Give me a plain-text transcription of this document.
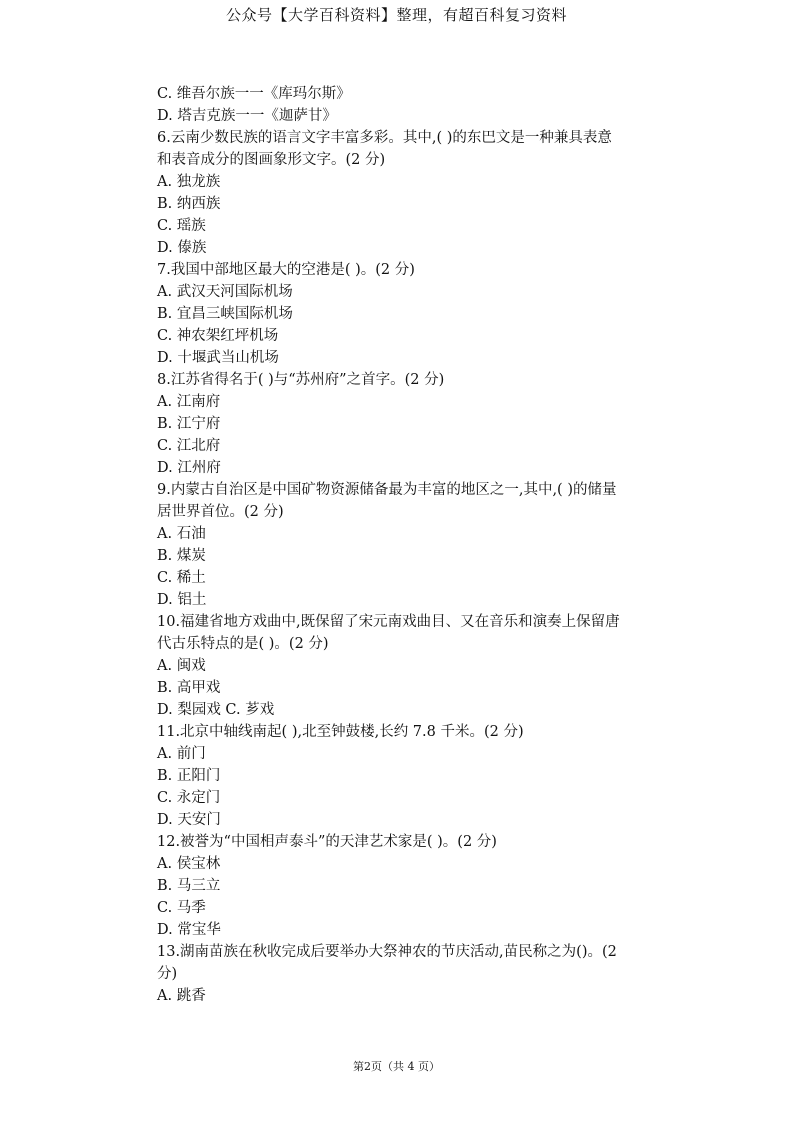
公众号【大学百科资料】整理，有超百科复习资料
C. 维吾尔族一一《库玛尔斯》
D. 塔吉克族一一《迦萨甘》
6.云南少数民族的语言文字丰富多彩。其中,( )的东巴文是一种兼具表意
和表音成分的图画象形文字。(2 分)
A. 独龙族
B. 纳西族
C. 瑶族
D. 傣族
7.我国中部地区最大的空港是( )。(2 分)
A. 武汉天河国际机场
B. 宜昌三峡国际机场
C. 神农架红坪机场
D. 十堰武当山机场
8.江苏省得名于( )与“苏州府”之首字。(2 分)
A. 江南府
B. 江宁府
C. 江北府
D. 江州府
9.内蒙古自治区是中国矿物资源储备最为丰富的地区之一,其中,( )的储量
居世界首位。(2 分)
A. 石油
B. 煤炭
C. 稀土
D. 铝土
10.福建省地方戏曲中,既保留了宋元南戏曲目、又在音乐和演奏上保留唐
代古乐特点的是( )。(2 分)
A. 闽戏
B. 高甲戏
D. 梨园戏 C. 芗戏
11.北京中轴线南起( ),北至钟鼓楼,长约 7.8 千米。(2 分)
A. 前门
B. 正阳门
C. 永定门
D. 天安门
12.被誉为“中国相声泰斗”的天津艺术家是( )。(2 分)
A. 侯宝林
B. 马三立
C. 马季
D. 常宝华
13.湖南苗族在秋收完成后要举办大祭神农的节庆活动,苗民称之为()。(2
分)
A. 跳香
第2页（共 4 页）
